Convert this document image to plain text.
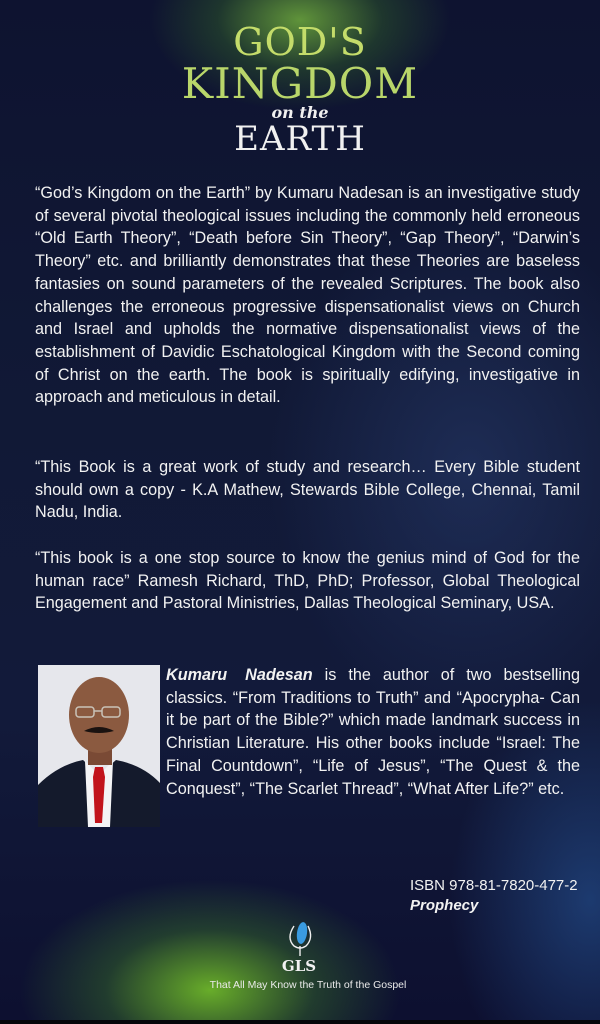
GOD'S
KINGDOM
on the
EARTH
“God’s Kingdom on the Earth” by Kumaru Nadesan is an investigative study of several pivotal theological issues including the commonly held erroneous “Old Earth Theory”, “Death before Sin Theory”, “Gap Theory”, “Darwin’s Theory” etc. and brilliantly demonstrates that these Theories are baseless fantasies on sound parameters of the revealed Scriptures. The book also challenges the erroneous progressive dispensationalist views on Church and Israel and upholds the normative dispensationalist views of the establishment of Davidic Eschatological Kingdom with the Second coming of Christ on the earth. The book is spiritually edifying, investigative in approach and meticulous in detail.
“This Book is a great work of study and research… Every Bible student should own a copy - K.A Mathew, Stewards Bible College, Chennai, Tamil Nadu, India.
“This book is a one stop source to know the genius mind of God for the human race” Ramesh Richard, ThD, PhD; Professor, Global Theological Engagement and Pastoral Ministries, Dallas Theological Seminary, USA.
Kumaru Nadesan is the author of two bestselling classics. “From Traditions to Truth” and “Apocrypha- Can it be part of the Bible?” which made landmark success in Christian Literature. His other books include “Israel: The Final Countdown”, “Life of Jesus”, “The Quest & the Conquest”, “The Scarlet Thread”, “What After Life?” etc.
ISBN 978-81-7820-477-2
Prophecy
GLS
That All May Know the Truth of the Gospel
